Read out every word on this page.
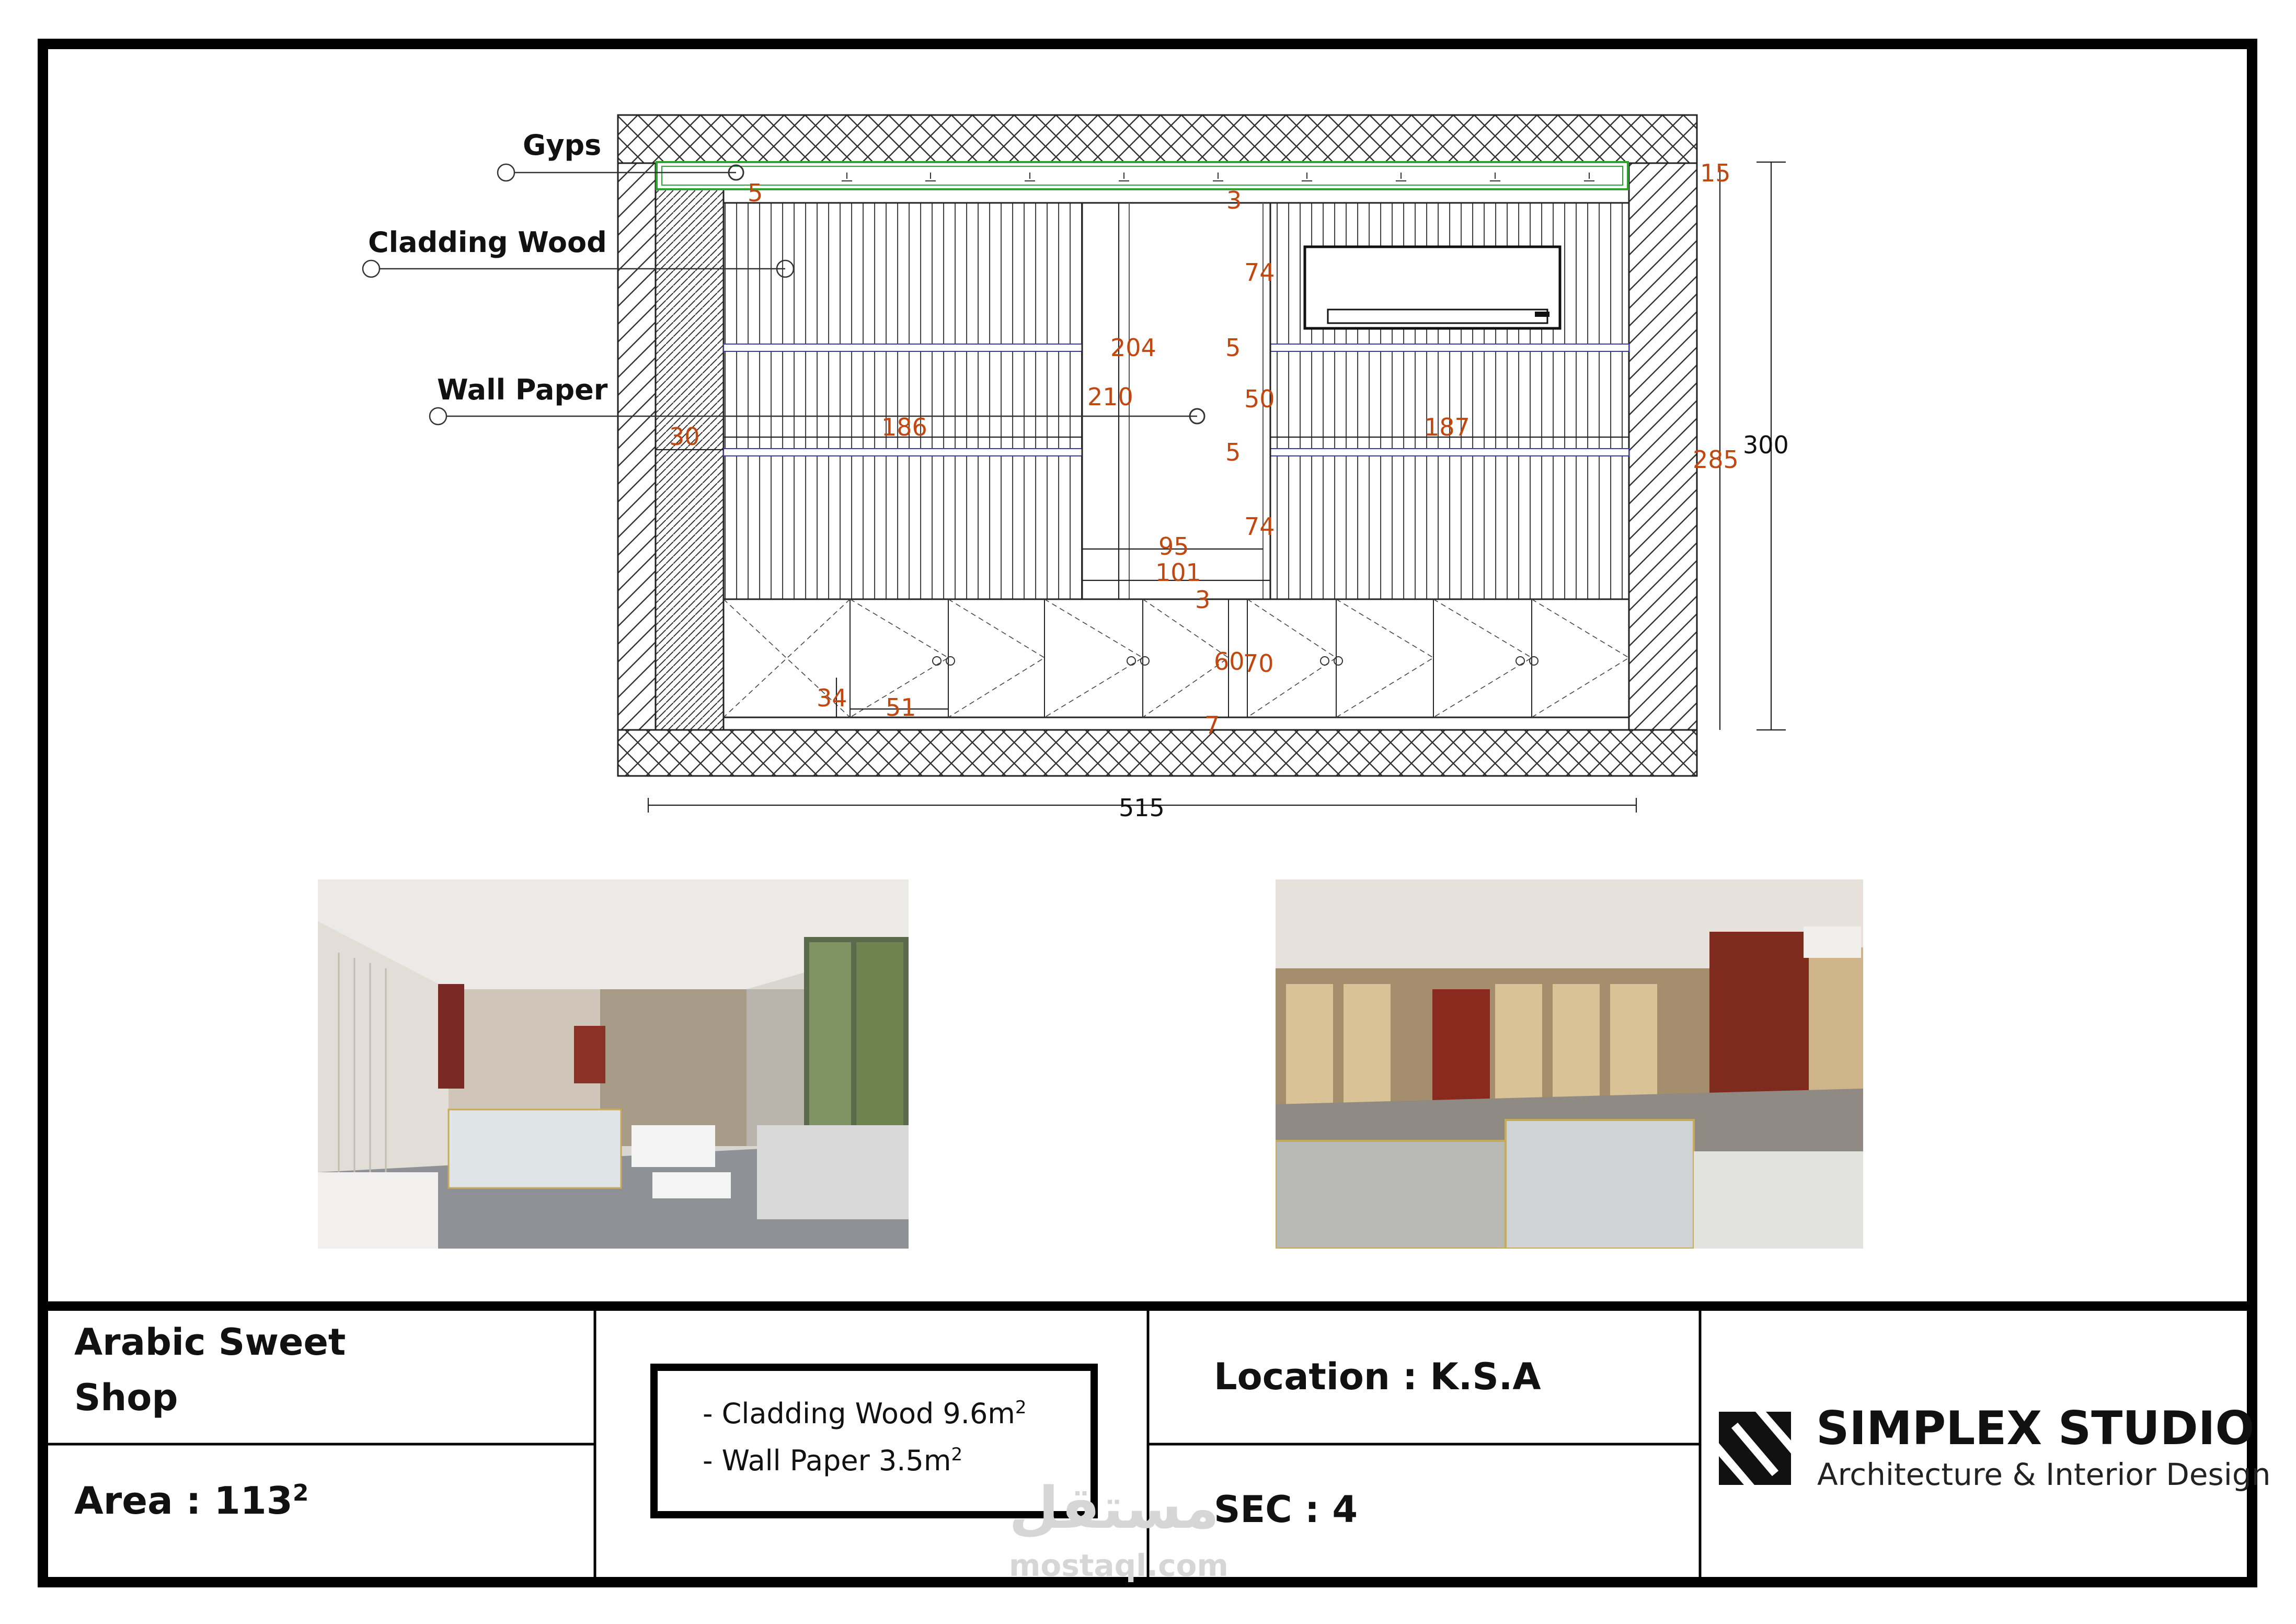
Gyps
Cladding Wood
Wall Paper
15
5	3
74
204	5
210	50
30	186	187
5	285
300
74
95
101
3
60
70
34 51
7
515
Arabic Sweet
Shop
Area : $113^2$
- Cladding Wood $9.6m^2$
- Wall Paper $3.5m^2$
Location : K.S.A
SEC : 4
SIMPLEX STUDIO
Architecture & Interior Design
مستقل
mostaql.com
